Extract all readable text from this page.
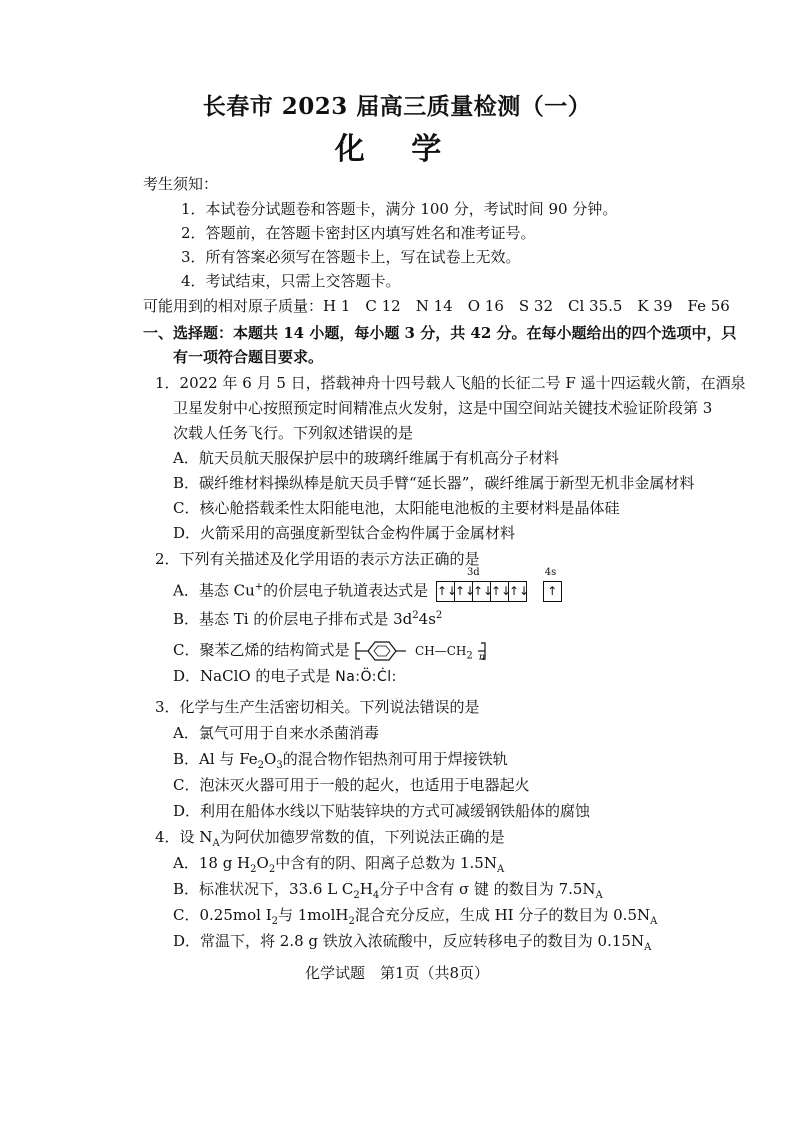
长春市 2023 届高三质量检测（一）
化 学
考生须知：
1．本试卷分试题卷和答题卡，满分 100 分，考试时间 90 分钟。
2．答题前，在答题卡密封区内填写姓名和准考证号。
3．所有答案必须写在答题卡上，写在试卷上无效。
4．考试结束，只需上交答题卡。
可能用到的相对原子质量：H 1　C 12　N 14　O 16　S 32　Cl 35.5　K 39　Fe 56
一、选择题：本题共 14 小题，每小题 3 分，共 42 分。在每小题给出的四个选项中，只
有一项符合题目要求。
1．2022 年 6 月 5 日，搭载神舟十四号载人飞船的长征二号 F 遥十四运载火箭，在酒泉
卫星发射中心按照预定时间精准点火发射，这是中国空间站关键技术验证阶段第 3
次载人任务飞行。下列叙述错误的是
A．航天员航天服保护层中的玻璃纤维属于有机高分子材料
B．碳纤维材料操纵棒是航天员手臂“延长器”，碳纤维属于新型无机非金属材料
C．核心舱搭载柔性太阳能电池，太阳能电池板的主要材料是晶体硅
D．火箭采用的高强度新型钛合金构件属于金属材料
2．下列有关描述及化学用语的表示方法正确的是
A．基态 Cu+的价层电子轨道表达式是
3d
↑↓↑↓↑↓↑↓↑↓
4s
↑
B．基态 Ti 的价层电子排布式是 $3d^24s^2$
C．聚苯乙烯的结构简式是	$CH—CH_2$ $_n$
D．NaClO 的电子式是 Na:Ö:Ċl:
3．化学与生产生活密切相关。下列说法错误的是
A．氯气可用于自来水杀菌消毒
B．Al 与 $Fe_2O_3$的混合物作铝热剂可用于焊接铁轨
C．泡沫灭火器可用于一般的起火，也适用于电器起火
D．利用在船体水线以下贴装锌块的方式可减缓钢铁船体的腐蚀
4．设 $N_A$为阿伏加德罗常数的值，下列说法正确的是
A．18 g $H_2O_2$中含有的阴、阳离子总数为 $1.5N_A$
B．标准状况下，33.6 L $C_2H_4$分子中含有 σ 键 的数目为 $7.5N_A$
C．0.25mol $I_2$与 1molH$_2$混合充分反应，生成 HI 分子的数目为 $0.5N_A$
D．常温下，将 2.8 g 铁放入浓硫酸中，反应转移电子的数目为 $0.15N_A$
化学试题　第1页（共8页）
